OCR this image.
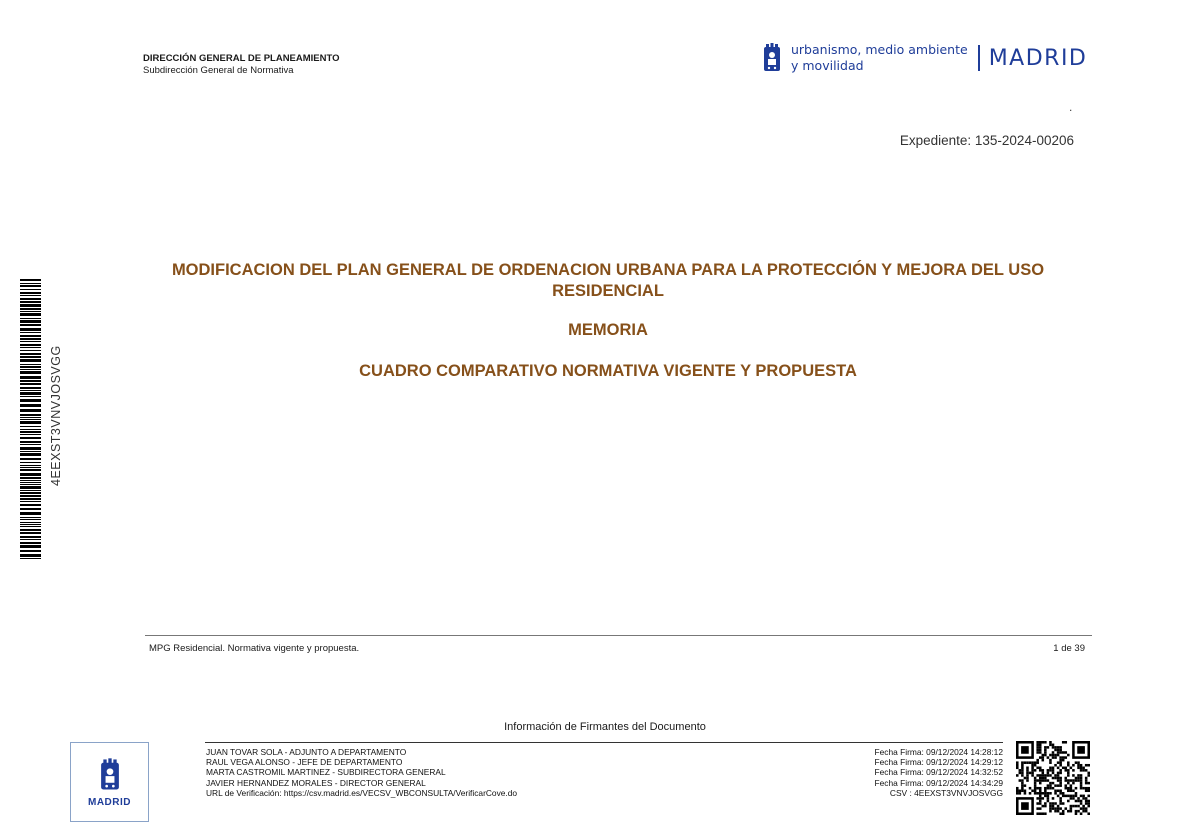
DIRECCIÓN GENERAL DE PLANEAMIENTO
Subdirección General de Normativa
urbanismo, medio ambiente
y movilidad	MADRID
.
Expediente: 135-2024-00206
MODIFICACION DEL PLAN GENERAL DE ORDENACION URBANA PARA LA PROTECCIÓN Y MEJORA DEL USO
RESIDENCIAL
MEMORIA
CUADRO COMPARATIVO NORMATIVA VIGENTE Y PROPUESTA
4EEXST3VNVJOSVGG
MPG Residencial. Normativa vigente y propuesta.	1 de 39
Información de Firmantes del Documento
MADRID
JUAN TOVAR SOLA - ADJUNTO A DEPARTAMENTO
RAUL VEGA ALONSO - JEFE DE DEPARTAMENTO
MARTA CASTROMIL MARTINEZ - SUBDIRECTORA GENERAL
JAVIER HERNANDEZ MORALES - DIRECTOR GENERAL
URL de Verificación: https://csv.madrid.es/VECSV_WBCONSULTA/VerificarCove.do
Fecha Firma: 09/12/2024 14:28:12
Fecha Firma: 09/12/2024 14:29:12
Fecha Firma: 09/12/2024 14:32:52
Fecha Firma: 09/12/2024 14:34:29
CSV : 4EEXST3VNVJOSVGG
